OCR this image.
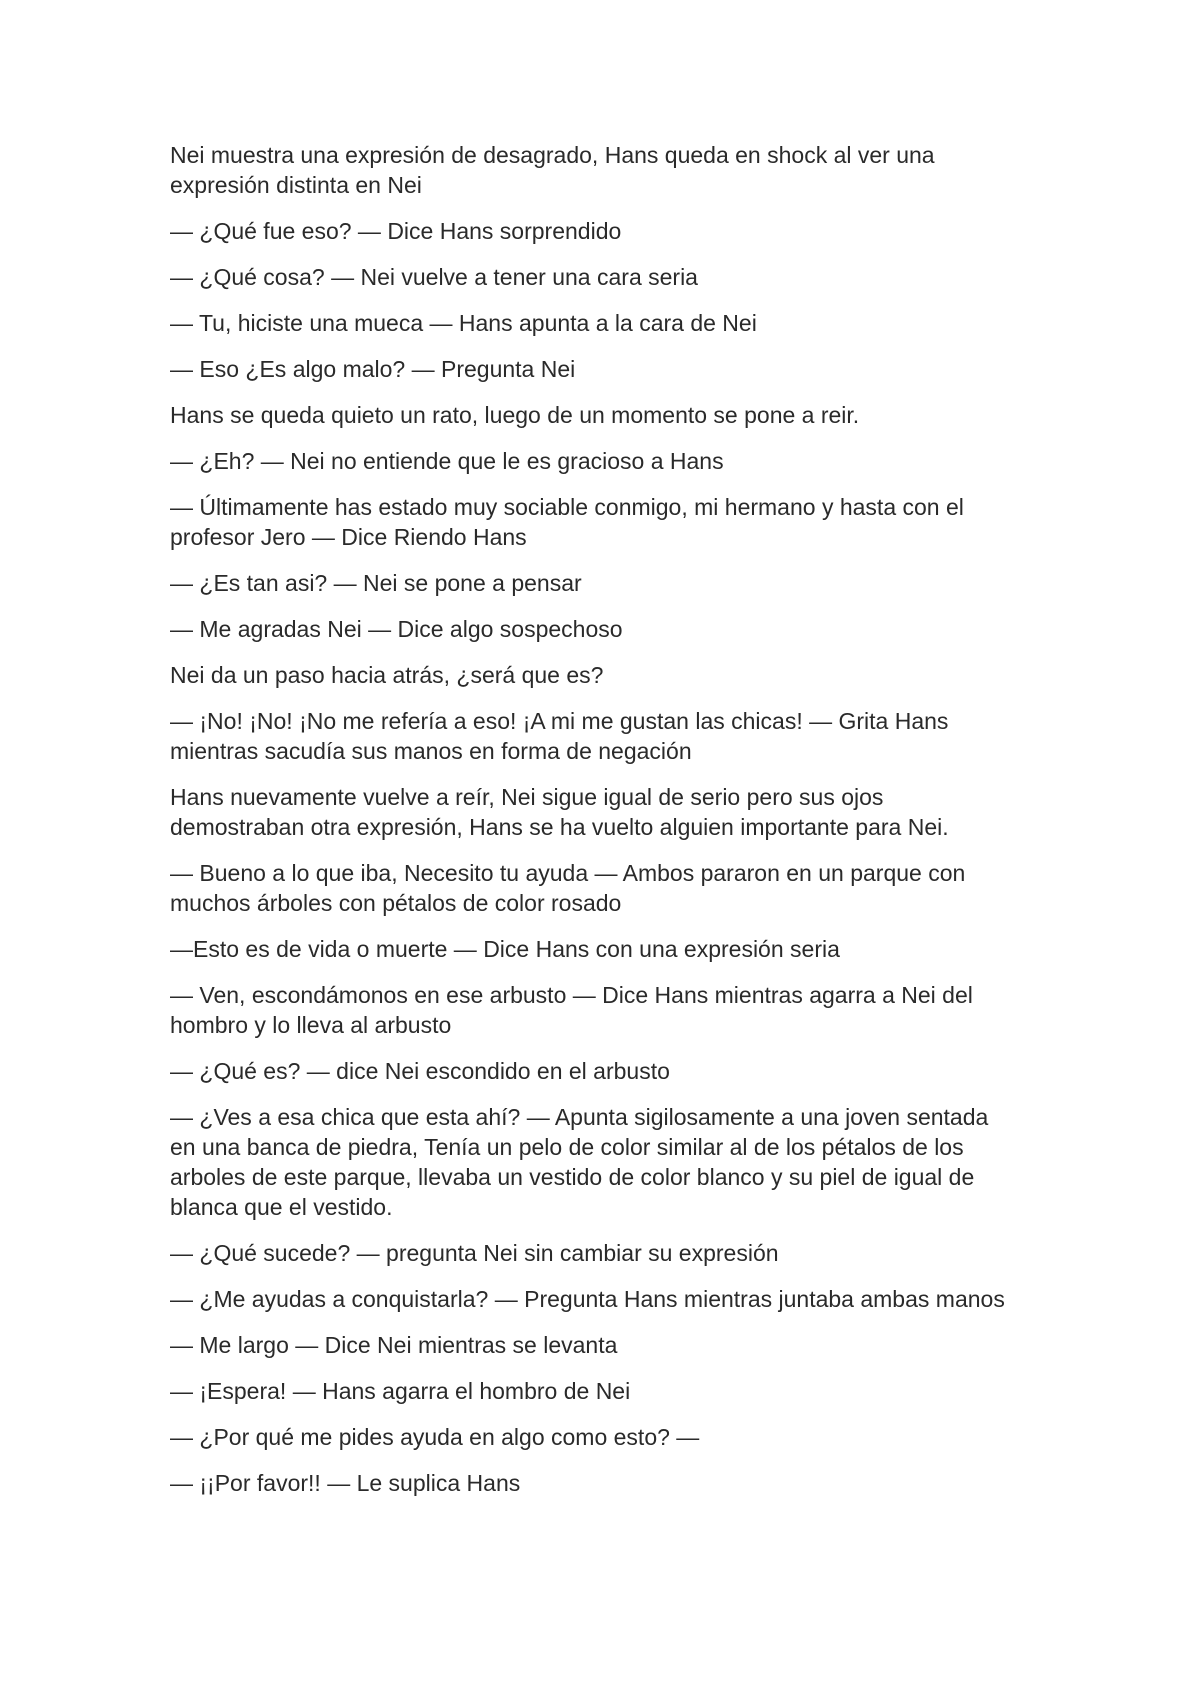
Nei muestra una expresión de desagrado, Hans queda en shock al ver una expresión distinta en Nei

— ¿Qué fue eso? — Dice Hans sorprendido

— ¿Qué cosa? — Nei vuelve a tener una cara seria

— Tu, hiciste una mueca — Hans apunta a la cara de Nei

— Eso ¿Es algo malo? — Pregunta Nei

Hans se queda quieto un rato, luego de un momento se pone a reir.

— ¿Eh? — Nei no entiende que le es gracioso a Hans

— Últimamente has estado muy sociable conmigo, mi hermano y hasta con el profesor Jero — Dice Riendo Hans

— ¿Es tan asi? — Nei se pone a pensar

— Me agradas Nei — Dice algo sospechoso

Nei da un paso hacia atrás, ¿será que es?

— ¡No! ¡No! ¡No me refería a eso! ¡A mi me gustan las chicas! — Grita Hans mientras sacudía sus manos en forma de negación

Hans nuevamente vuelve a reír, Nei sigue igual de serio pero sus ojos demostraban otra expresión, Hans se ha vuelto alguien importante para Nei.

— Bueno a lo que iba, Necesito tu ayuda — Ambos pararon en un parque con muchos árboles con pétalos de color rosado

—Esto es de vida o muerte — Dice Hans con una expresión seria

— Ven, escondámonos en ese arbusto — Dice Hans mientras agarra a Nei del hombro y lo lleva al arbusto

— ¿Qué es? — dice Nei escondido en el arbusto

— ¿Ves a esa chica que esta ahí? — Apunta sigilosamente a una joven sentada en una banca de piedra, Tenía un pelo de color similar al de los pétalos de los arboles de este parque, llevaba un vestido de color blanco y su piel de igual de blanca que el vestido.

— ¿Qué sucede? — pregunta Nei sin cambiar su expresión

— ¿Me ayudas a conquistarla? — Pregunta Hans mientras juntaba ambas manos

— Me largo — Dice Nei mientras se levanta

— ¡Espera! — Hans agarra el hombro de Nei

— ¿Por qué me pides ayuda en algo como esto? —

— ¡¡Por favor!! — Le suplica Hans
